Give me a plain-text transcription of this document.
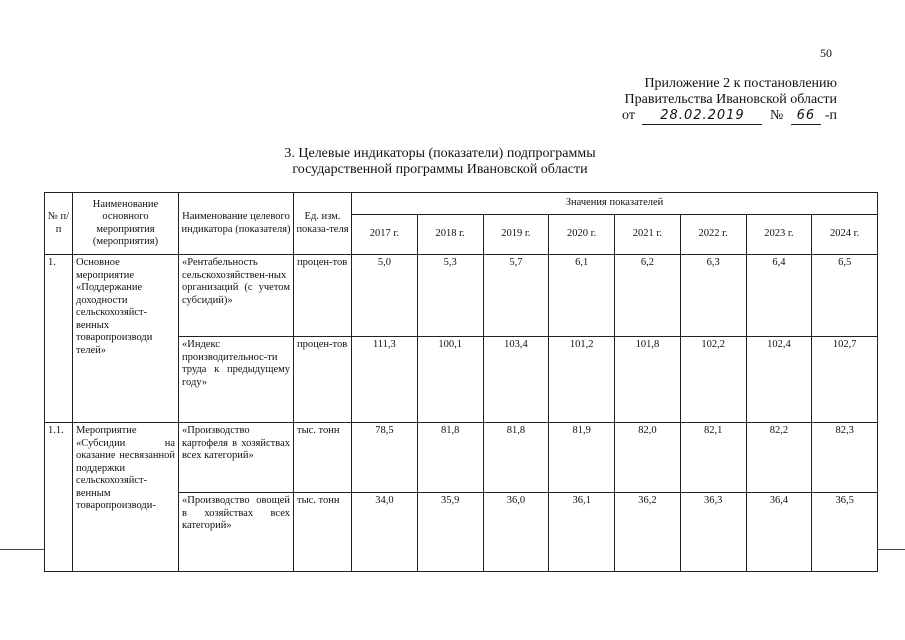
50
Приложение 2 к постановлению
Правительства Ивановской области
от 28.02.2019 № 66 -п
3. Целевые индикаторы (показатели) подпрограммы
государственной программы Ивановской области
№ п/п	Наименование основного мероприятия (мероприятия)	Наименование целевого индикатора (показателя)	Ед. изм. показа-теля	Значения показателей							
				2017 г.	2018 г.	2019 г.	2020 г.	2021 г.	2022 г.	2023 г.	2024 г.
1.	Основное мероприятие «Поддержание доходности сельскохозяйст-венных товаропроизводи телей»	«Рентабельность сельскохозяйствен-ных организаций (с учетом субсидий)»	процен-тов	5,0	5,3	5,7	6,1	6,2	6,3	6,4	6,5
		«Индекс производительнос-ти труда к предыдущему году»	процен-тов	111,3	100,1	103,4	101,2	101,8	102,2	102,4	102,7
1.1.	Мероприятие «Субсидии на оказание несвязанной поддержки сельскохозяйст-венным товаропроизводи-	«Производство картофеля в хозяйствах всех категорий»	тыс. тонн	78,5	81,8	81,8	81,9	82,0	82,1	82,2	82,3
		«Производство овощей в хозяйствах всех категорий»	тыс. тонн	34,0	35,9	36,0	36,1	36,2	36,3	36,4	36,5
